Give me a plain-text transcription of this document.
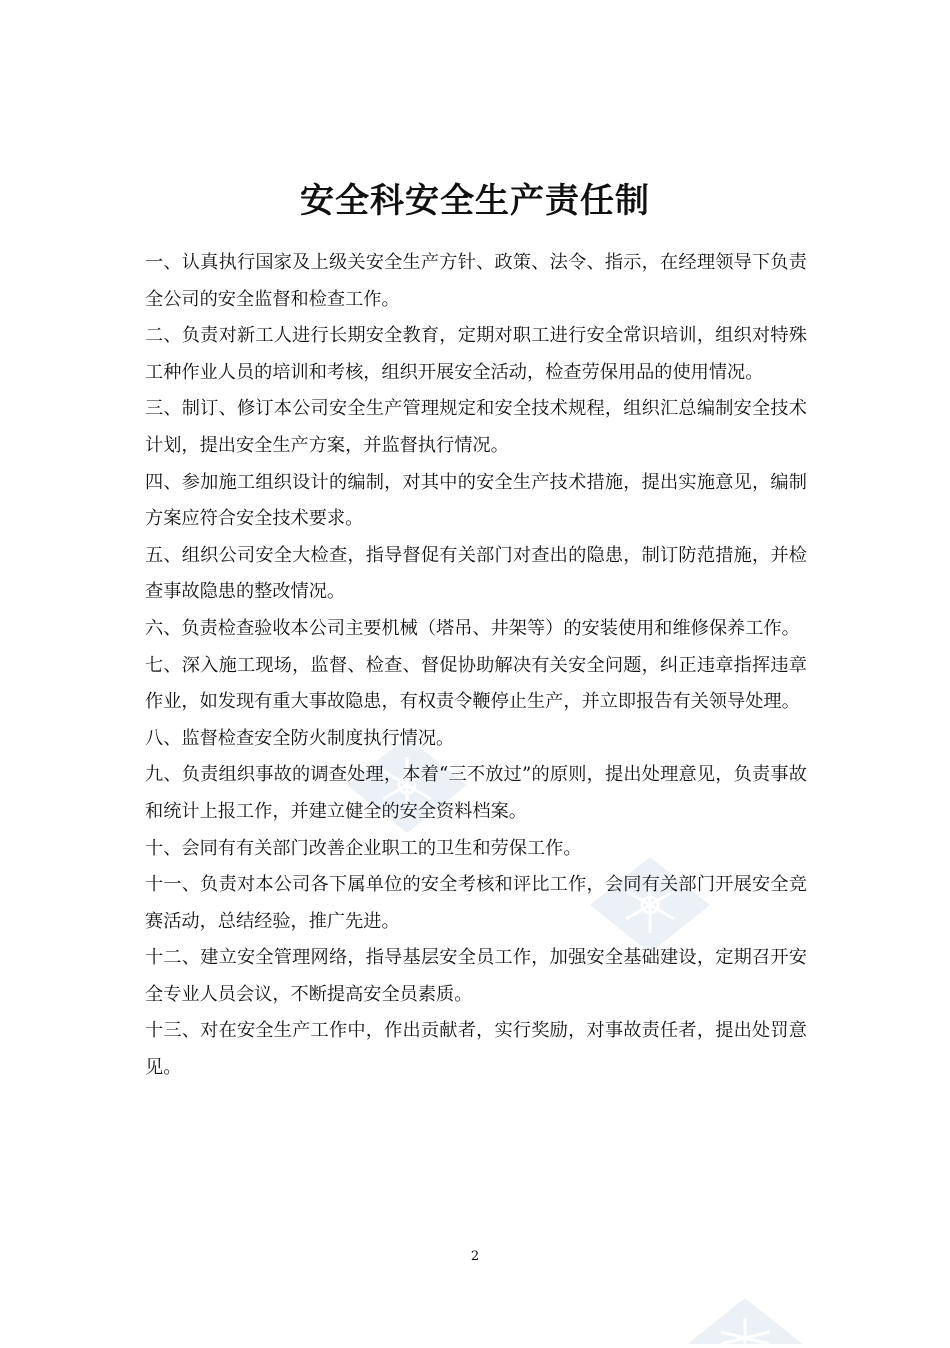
安全科安全生产责任制

一、认真执行国家及上级关安全生产方针、政策、法令、指示，在经理领导下负责全公司的安全监督和检查工作。

二、负责对新工人进行长期安全教育，定期对职工进行安全常识培训，组织对特殊工种作业人员的培训和考核，组织开展安全活动，检查劳保用品的使用情况。

三、制订、修订本公司安全生产管理规定和安全技术规程，组织汇总编制安全技术计划，提出安全生产方案，并监督执行情况。

四、参加施工组织设计的编制，对其中的安全生产技术措施，提出实施意见，编制方案应符合安全技术要求。

五、组织公司安全大检查，指导督促有关部门对查出的隐患，制订防范措施，并检查事故隐患的整改情况。

六、负责检查验收本公司主要机械（塔吊、井架等）的安装使用和维修保养工作。

七、深入施工现场，监督、检查、督促协助解决有关安全问题，纠正违章指挥违章作业，如发现有重大事故隐患，有权责令鞭停止生产，并立即报告有关领导处理。

八、监督检查安全防火制度执行情况。

九、负责组织事故的调查处理，本着“三不放过”的原则，提出处理意见，负责事故和统计上报工作，并建立健全的安全资料档案。

十、会同有有关部门改善企业职工的卫生和劳保工作。

十一、负责对本公司各下属单位的安全考核和评比工作，会同有关部门开展安全竞赛活动，总结经验，推广先进。

十二、建立安全管理网络，指导基层安全员工作，加强安全基础建设，定期召开安全专业人员会议，不断提高安全员素质。

十三、对在安全生产工作中，作出贡献者，实行奖励，对事故责任者，提出处罚意见。

2
